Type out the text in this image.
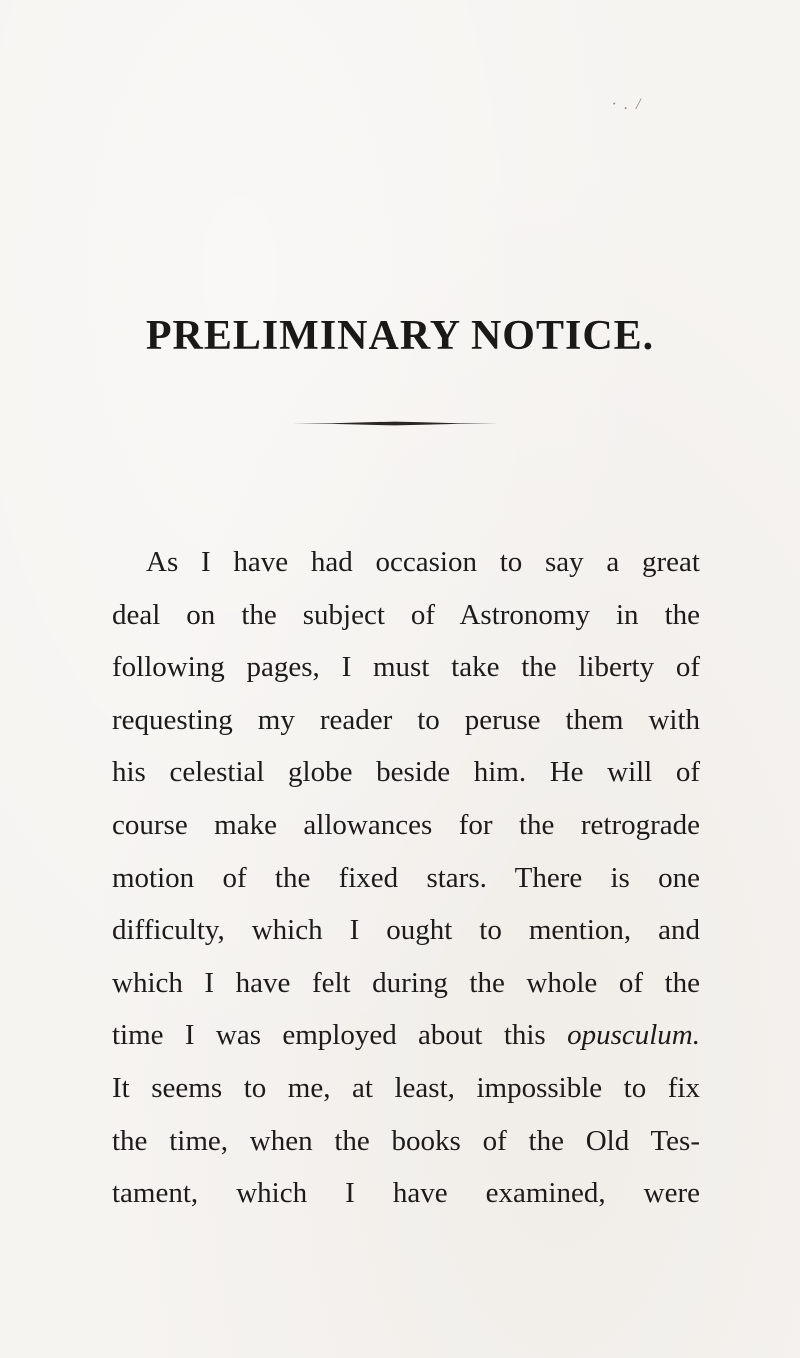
· . /
PRELIMINARY NOTICE.
As I have had occasion to say a great
deal on the subject of Astronomy in the
following pages, I must take the liberty of
requesting my reader to peruse them with
his celestial globe beside him. He will of
course make allowances for the retrograde
motion of the fixed stars. There is one
difficulty, which I ought to mention, and
which I have felt during the whole of the
time I was employed about this opusculum.
It seems to me, at least, impossible to fix
the time, when the books of the Old Tes-
tament, which I have examined, were
